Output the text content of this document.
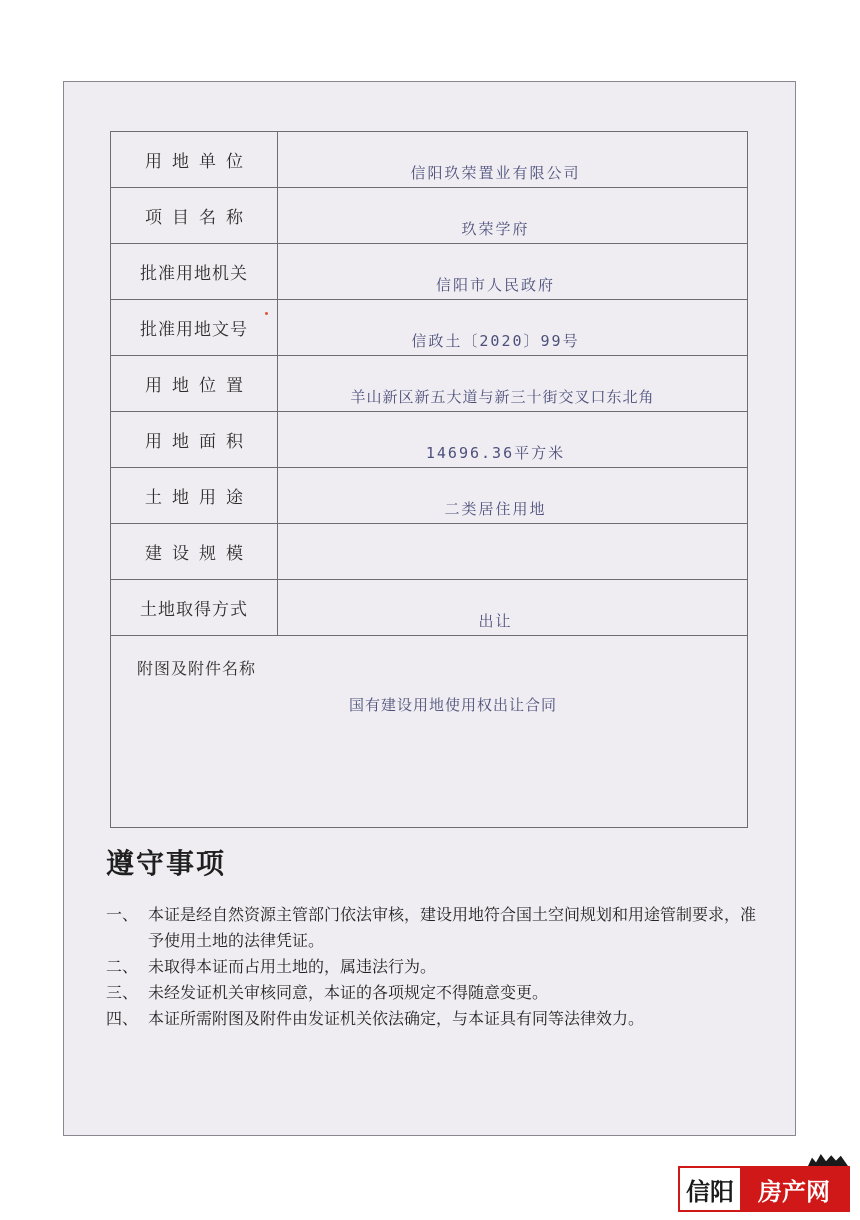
用地单位	信阳玖荣置业有限公司
项目名称	玖荣学府
批准用地机关	信阳市人民政府
批准用地文号	信政土〔2020〕99号
用地位置	羊山新区新五大道与新三十街交叉口东北角
用地面积	14696.36平方米
土地用途	二类居住用地
建设规模	
土地取得方式	出让

附图及附件名称
国有建设用地使用权出让合同	
遵守事项
一、 本证是经自然资源主管部门依法审核，建设用地符合国土空间规划和用途管制要求，准予使用土地的法律凭证。
二、 未取得本证而占用土地的，属违法行为。
三、 未经发证机关审核同意，本证的各项规定不得随意变更。
四、 本证所需附图及附件由发证机关依法确定，与本证具有同等法律效力。
信阳	房产网
